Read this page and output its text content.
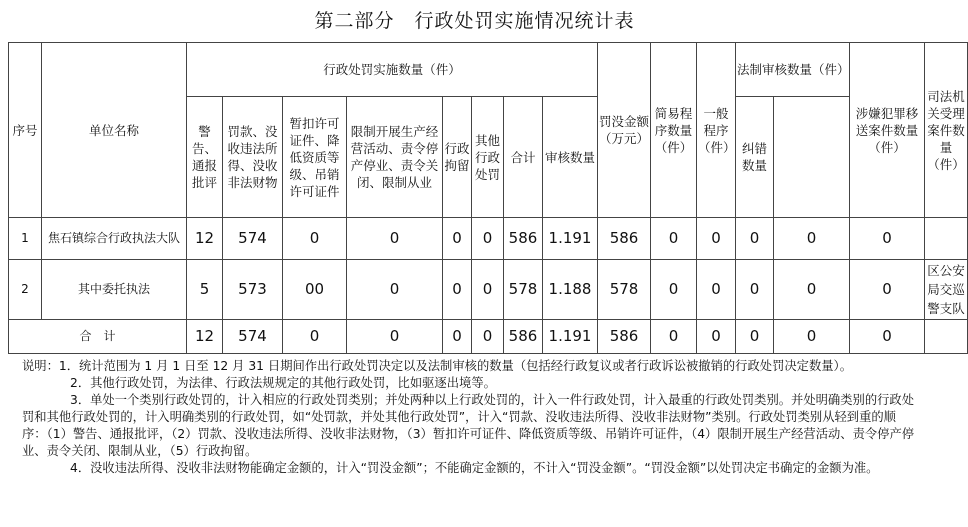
第二部分　行政处罚实施情况统计表
序号	单位名称	行政处罚实施数量（件）								罚没金额（万元）	简易程序数量（件）	一般程序（件）	法制审核数量（件）		涉嫌犯罪移送案件数量（件）	司法机关受理案件数量（件）	
		警告、通报批评	罚款、没收违法所得、没收非法财物	暂扣许可证件、降低资质等级、吊销许可证件	限制开展生产经营活动、责令停产停业、责令关闭、限制从业	行政拘留	其他行政处罚	合计	审核数量				纠错数量				

1	焦石镇综合行政执法大队	12	574	0	0	0	0	586	1.191	586	0	0	0	0	0		
2	其中委托执法	5	573	00	0	0	0	578	1.188	578	0	0	0	0	0	区公安局交巡警支队	
合　计		12	574	0	0	0	0	586	1.191	586	0	0	0	0	0		

说明：1．统计范围为 1 月 1 日至 12 月 31 日期间作出行政处罚决定以及法制审核的数量（包括经行政复议或者行政诉讼被撤销的行政处罚决定数量）。

2．其他行政处罚，为法律、行政法规规定的其他行政处罚，比如驱逐出境等。

3．单处一个类别行政处罚的，计入相应的行政处罚类别；并处两种以上行政处罚的，计入一件行政处罚，计入最重的行政处罚类别。并处明确类别的行政处罚和其他行政处罚的，计入明确类别的行政处罚，如“处罚款，并处其他行政处罚”，计入“罚款、没收违法所得、没收非法财物”类别。行政处罚类别从轻到重的顺序：（1）警告、通报批评，（2）罚款、没收违法所得、没收非法财物，（3）暂扣许可证件、降低资质等级、吊销许可证件，（4）限制开展生产经营活动、责令停产停业、责令关闭、限制从业，（5）行政拘留。

4．没收违法所得、没收非法财物能确定金额的，计入“罚没金额”；不能确定金额的，不计入“罚没金额”。“罚没金额”以处罚决定书确定的金额为准。
